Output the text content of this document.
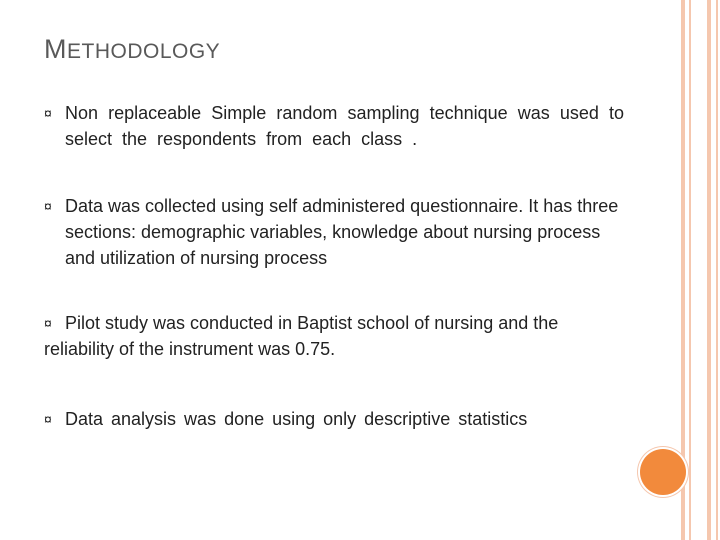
METHODOLOGY
¤ Non replaceable Simple random sampling technique was used to select the respondents from each class .
¤ Data was collected using self administered questionnaire. It has three sections: demographic variables, knowledge about nursing process and utilization of nursing process
¤ Pilot study was conducted in Baptist school of nursing and the reliability of the instrument was 0.75.
¤ Data analysis was done using only descriptive statistics
